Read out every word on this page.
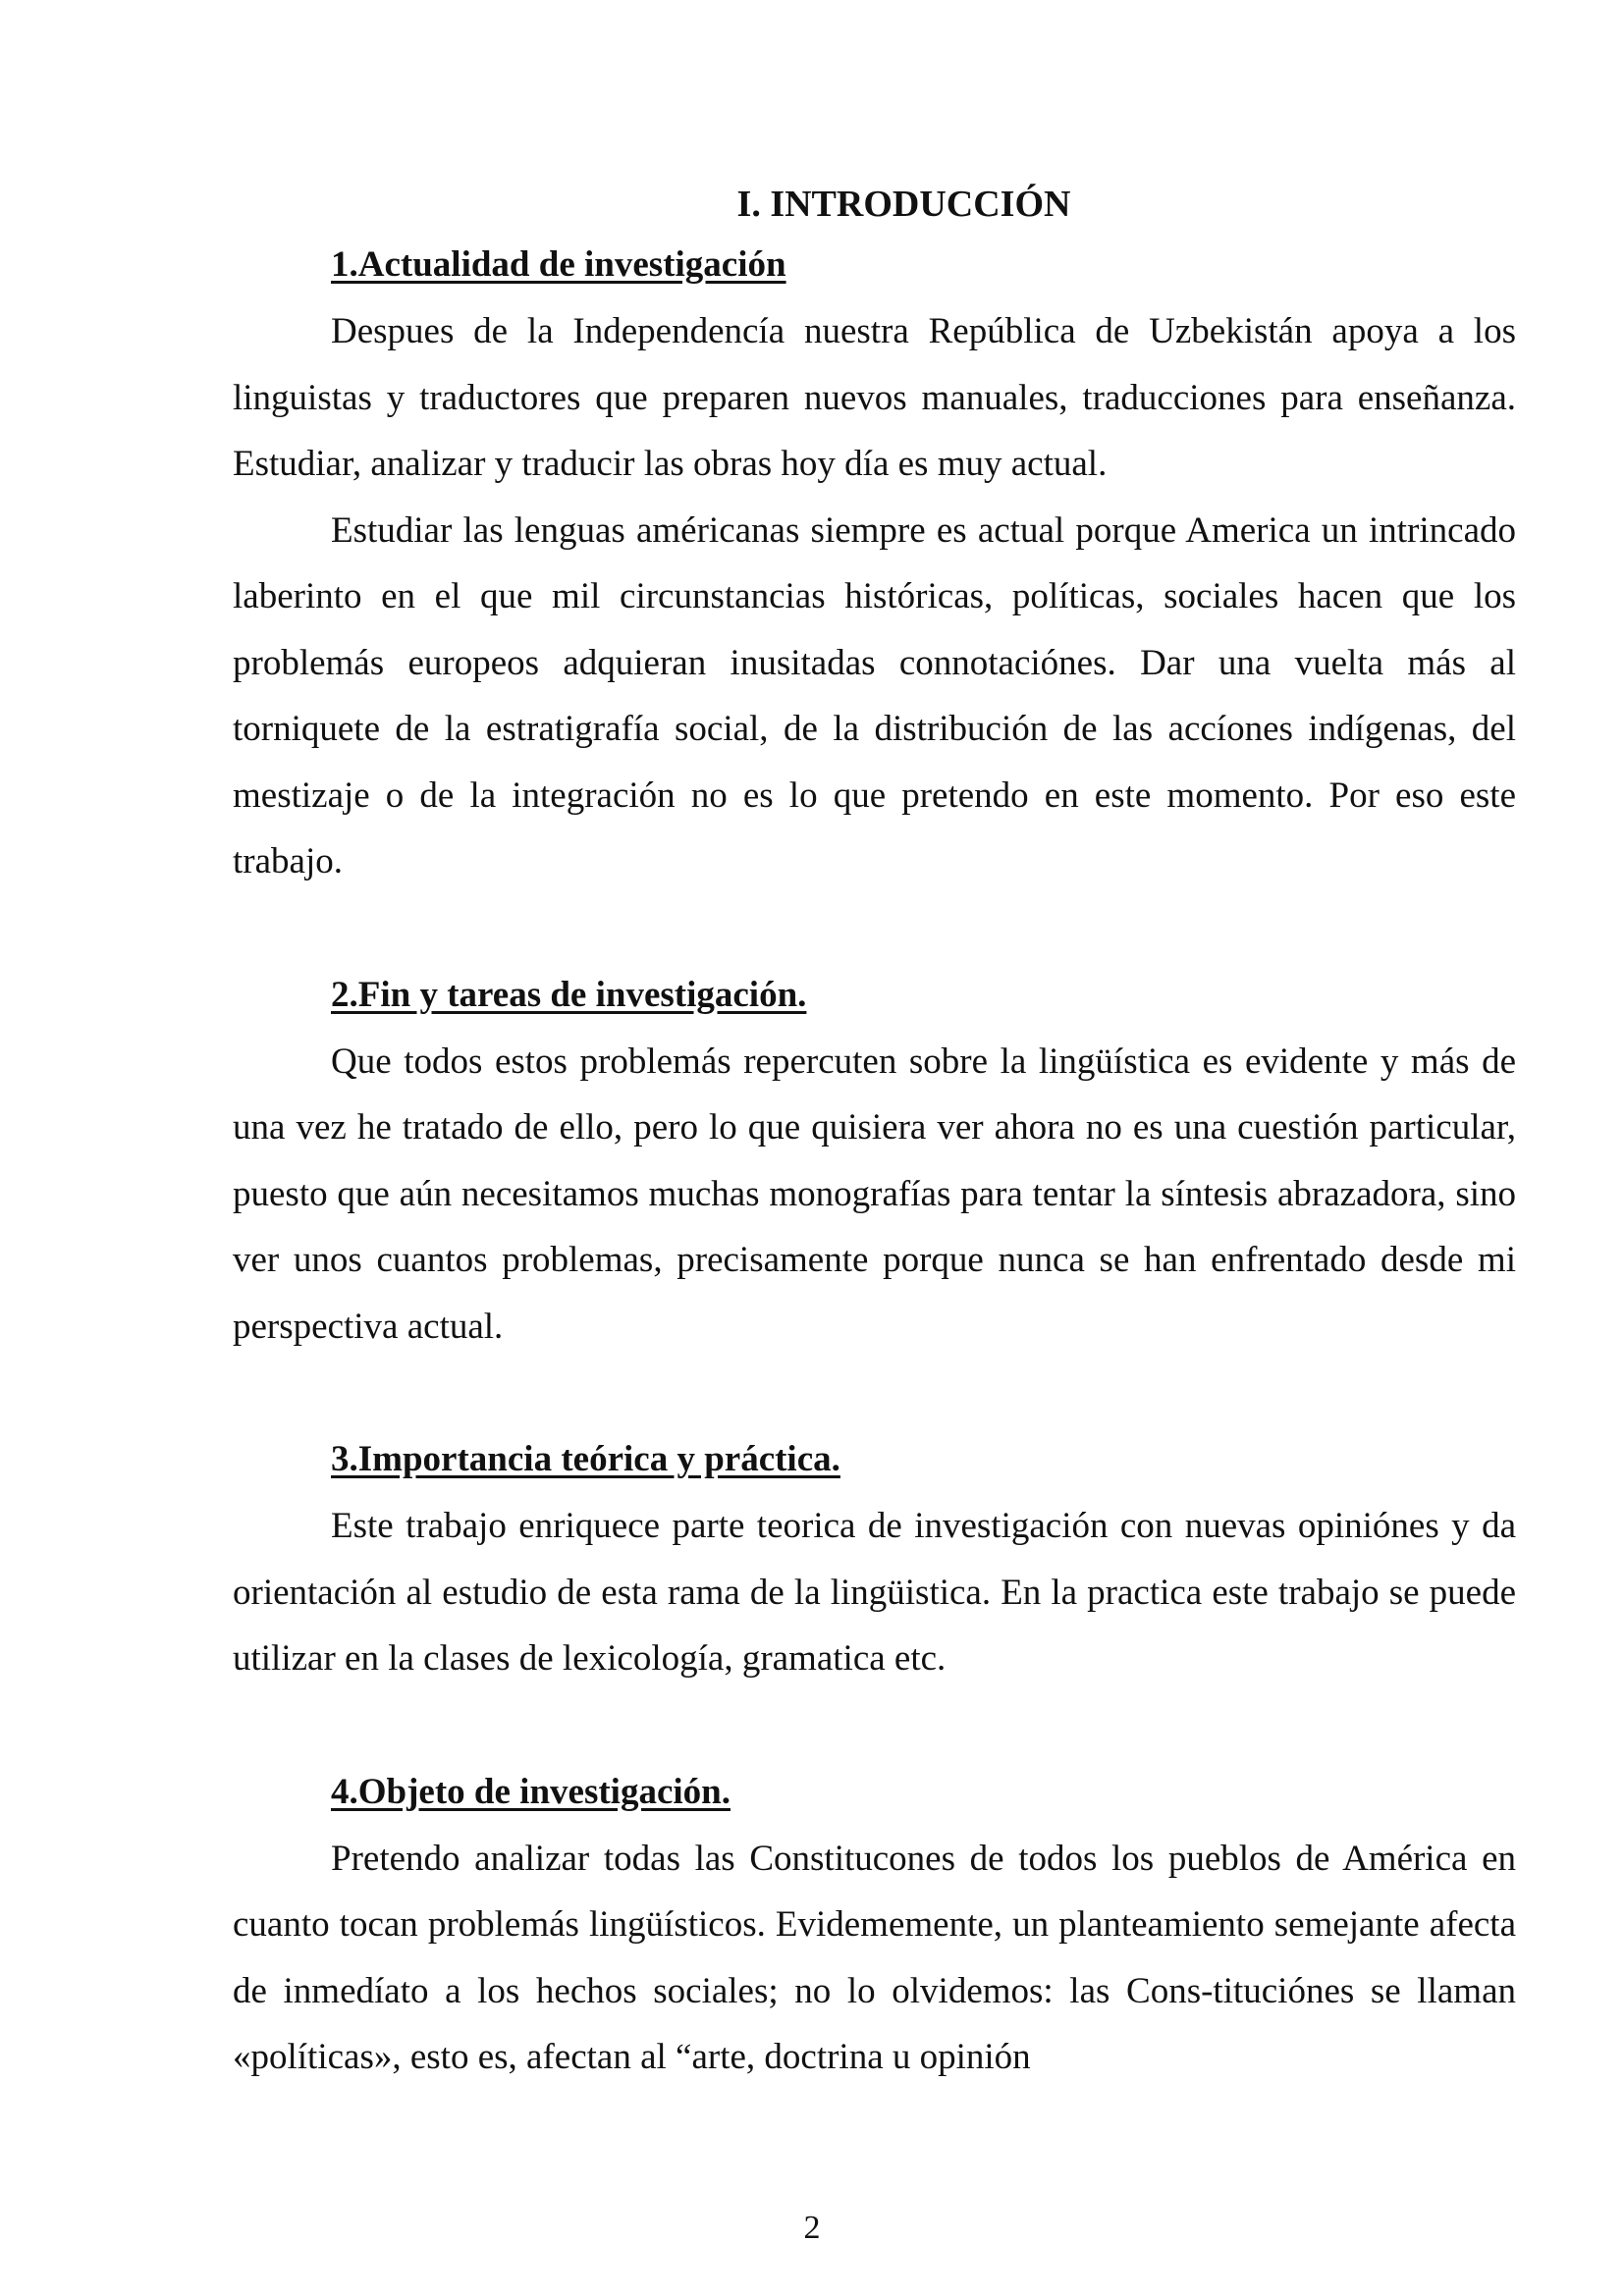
I. INTRODUCCIÓN
1.Actualidad de investigación

Despues de la Independencía nuestra República de Uzbekistán apoya a los linguistas y traductores que preparen nuevos manuales, traducciones para enseñanza. Estudiar, analizar y traducir las obras hoy día es muy actual.

Estudiar las lenguas américanas siempre es actual porque America un intrincado laberinto en el que mil circunstancias históricas, políticas, sociales hacen que los problemás europeos adquieran inusitadas connotaciónes. Dar una vuelta más al torniquete de la estratigrafía social, de la distribución de las accíones indígenas, del mestizaje o de la integración no es lo que pretendo en este momento. Por eso este trabajo.

2.Fin y tareas de investigación.

Que todos estos problemás repercuten sobre la lingüística es evidente y más de una vez he tratado de ello, pero lo que quisiera ver ahora no es una cuestión particular, puesto que aún necesitamos muchas monografías para tentar la síntesis abrazadora, sino ver unos cuantos problemas, precisamente porque nunca se han enfrentado desde mi perspectiva actual.

3.Importancia teórica y práctica.

Este trabajo enriquece parte teorica de investigación con nuevas opiniónes y da orientación al estudio de esta rama de la lingüistica. En la practica este trabajo se puede utilizar en la clases de lexicología, gramatica etc.

4.Objeto de investigación.

Pretendo analizar todas las Constitucones de todos los pueblos de América en cuanto tocan problemás lingüísticos. Evidememente, un planteamiento semejante afecta de inmedíato a los hechos sociales; no lo olvidemos: las Cons-tituciónes se llaman «políticas», esto es, afectan al “arte, doctrina u opinión

2
